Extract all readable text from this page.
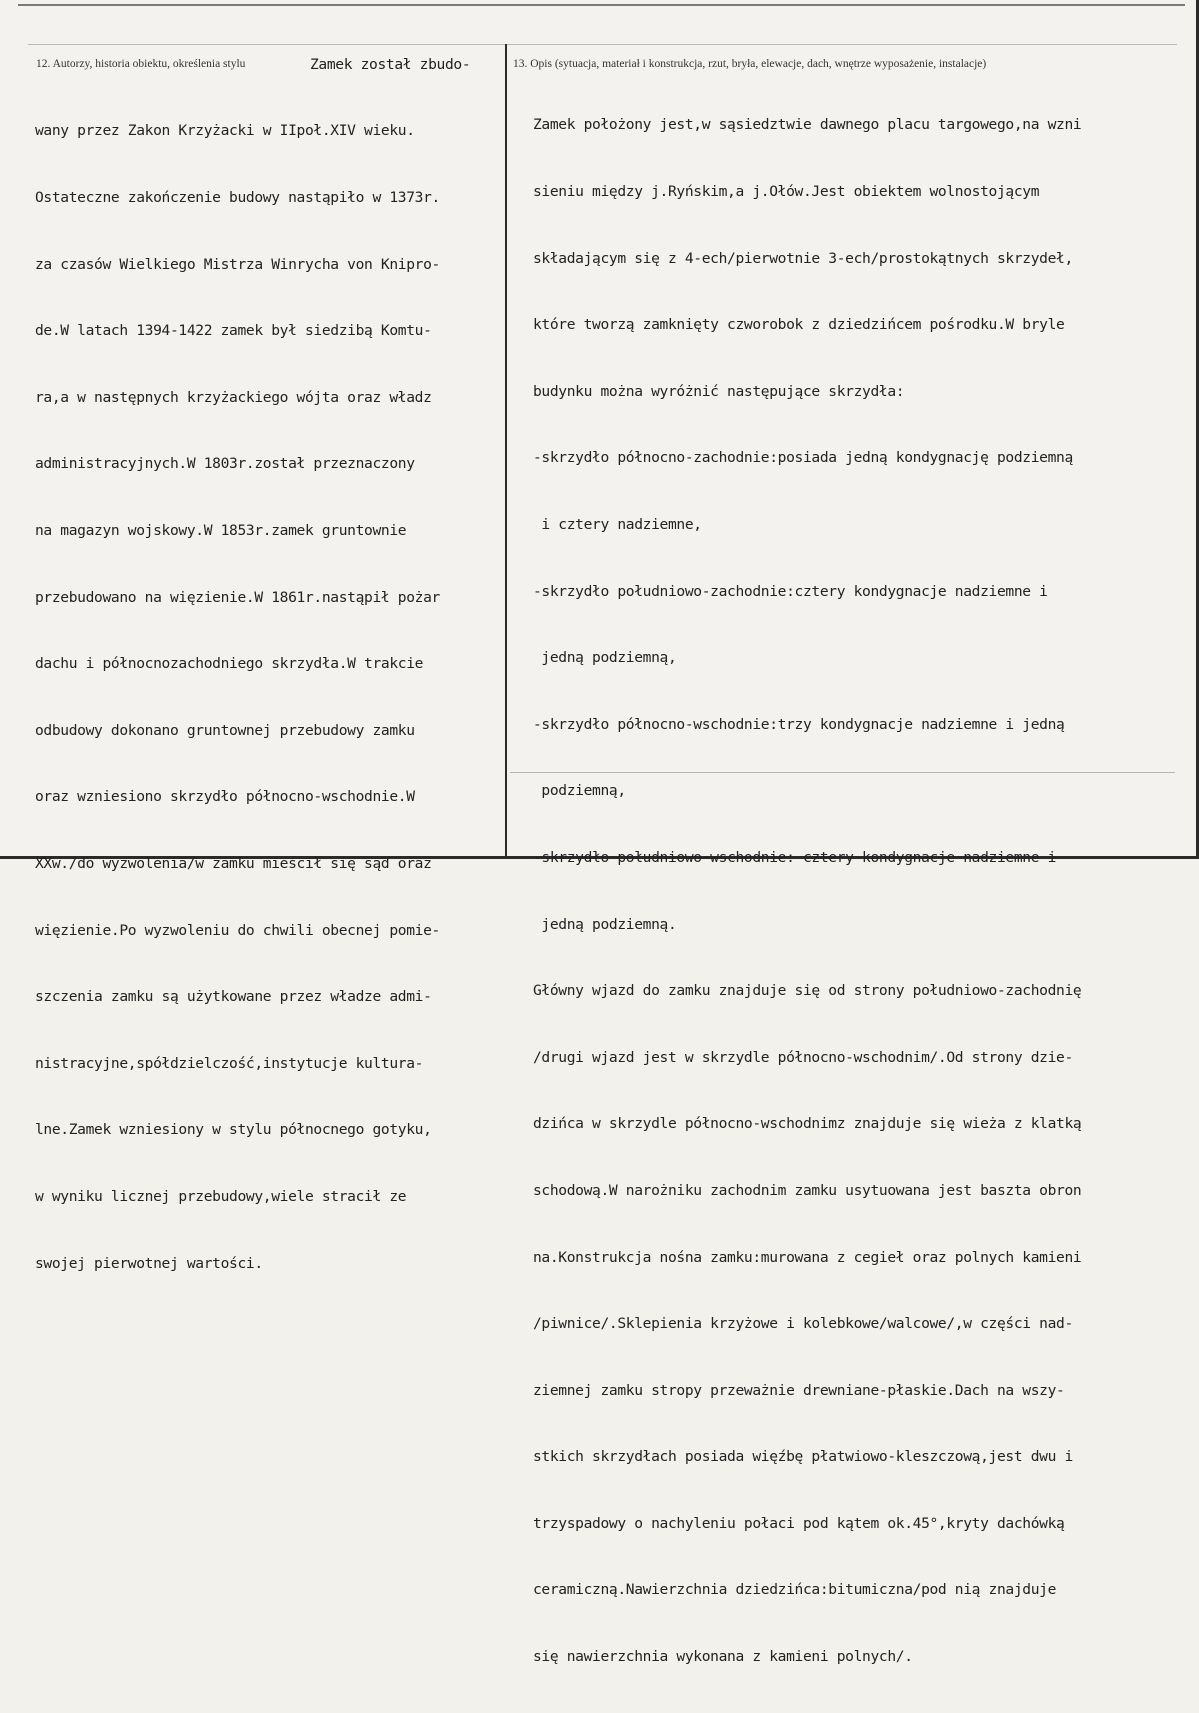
12. Autorzy, historia obiektu, określenia stylu	13. Opis (sytuacja, materiał i konstrukcja, rzut, bryła, elewacje, dach, wnętrze wyposażenie, instalacje)
Zamek został zbudo-

wany przez Zakon Krzyżacki w IIpoł.XIV wieku.

Ostateczne zakończenie budowy nastąpiło w 1373r.

za czasów Wielkiego Mistrza Winrycha von Knipro-

de.W latach 1394-1422 zamek był siedzibą Komtu-

ra,a w następnych krzyżackiego wójta oraz władz

administracyjnych.W 1803r.został przeznaczony

na magazyn wojskowy.W 1853r.zamek gruntownie

przebudowano na więzienie.W 1861r.nastąpił pożar

dachu i północnozachodniego skrzydła.W trakcie

odbudowy dokonano gruntownej przebudowy zamku

oraz wzniesiono skrzydło północno-wschodnie.W

XXw./do wyzwolenia/w zamku mieścił się sąd oraz

więzienie.Po wyzwoleniu do chwili obecnej pomie-

szczenia zamku są użytkowane przez władze admi-

nistracyjne,spółdzielczość,instytucje kultura-

lne.Zamek wzniesiony w stylu północnego gotyku,

w wyniku licznej przebudowy,wiele stracił ze

swojej pierwotnej wartości.

Zamek położony jest,w sąsiedztwie dawnego placu targowego,na wzni

sieniu między j.Ryńskim,a j.Ołów.Jest obiektem wolnostojącym

składającym się z 4-ech/pierwotnie 3-ech/prostokątnych skrzydeł,

które tworzą zamknięty czworobok z dziedzińcem pośrodku.W bryle

budynku można wyróżnić następujące skrzydła:

-skrzydło północno-zachodnie:posiada jedną kondygnację podziemną

i cztery nadziemne,

-skrzydło południowo-zachodnie:cztery kondygnacje nadziemne i

jedną podziemną,

-skrzydło północno-wschodnie:trzy kondygnacje nadziemne i jedną

podziemną,

-skrzydło południowo-wschodnie: cztery kondygnacje nadziemne i

jedną podziemną.

Główny wjazd do zamku znajduje się od strony południowo-zachodnię

/drugi wjazd jest w skrzydle północno-wschodnim/.Od strony dzie-

dzińca w skrzydle północno-wschodnimz znajduje się wieża z klatką

schodową.W narożniku zachodnim zamku usytuowana jest baszta obron

na.Konstrukcja nośna zamku:murowana z cegieł oraz polnych kamieni

/piwnice/.Sklepienia krzyżowe i kolebkowe/walcowe/,w części nad-

ziemnej zamku stropy przeważnie drewniane-płaskie.Dach na wszy-

stkich skrzydłach posiada więźbę płatwiowo-kleszczową,jest dwu i

trzyspadowy o nachyleniu połaci pod kątem ok.45°,kryty dachówką

ceramiczną.Nawierzchnia dziedzińca:bitumiczna/pod nią znajduje

się nawierzchnia wykonana z kamieni polnych/.
